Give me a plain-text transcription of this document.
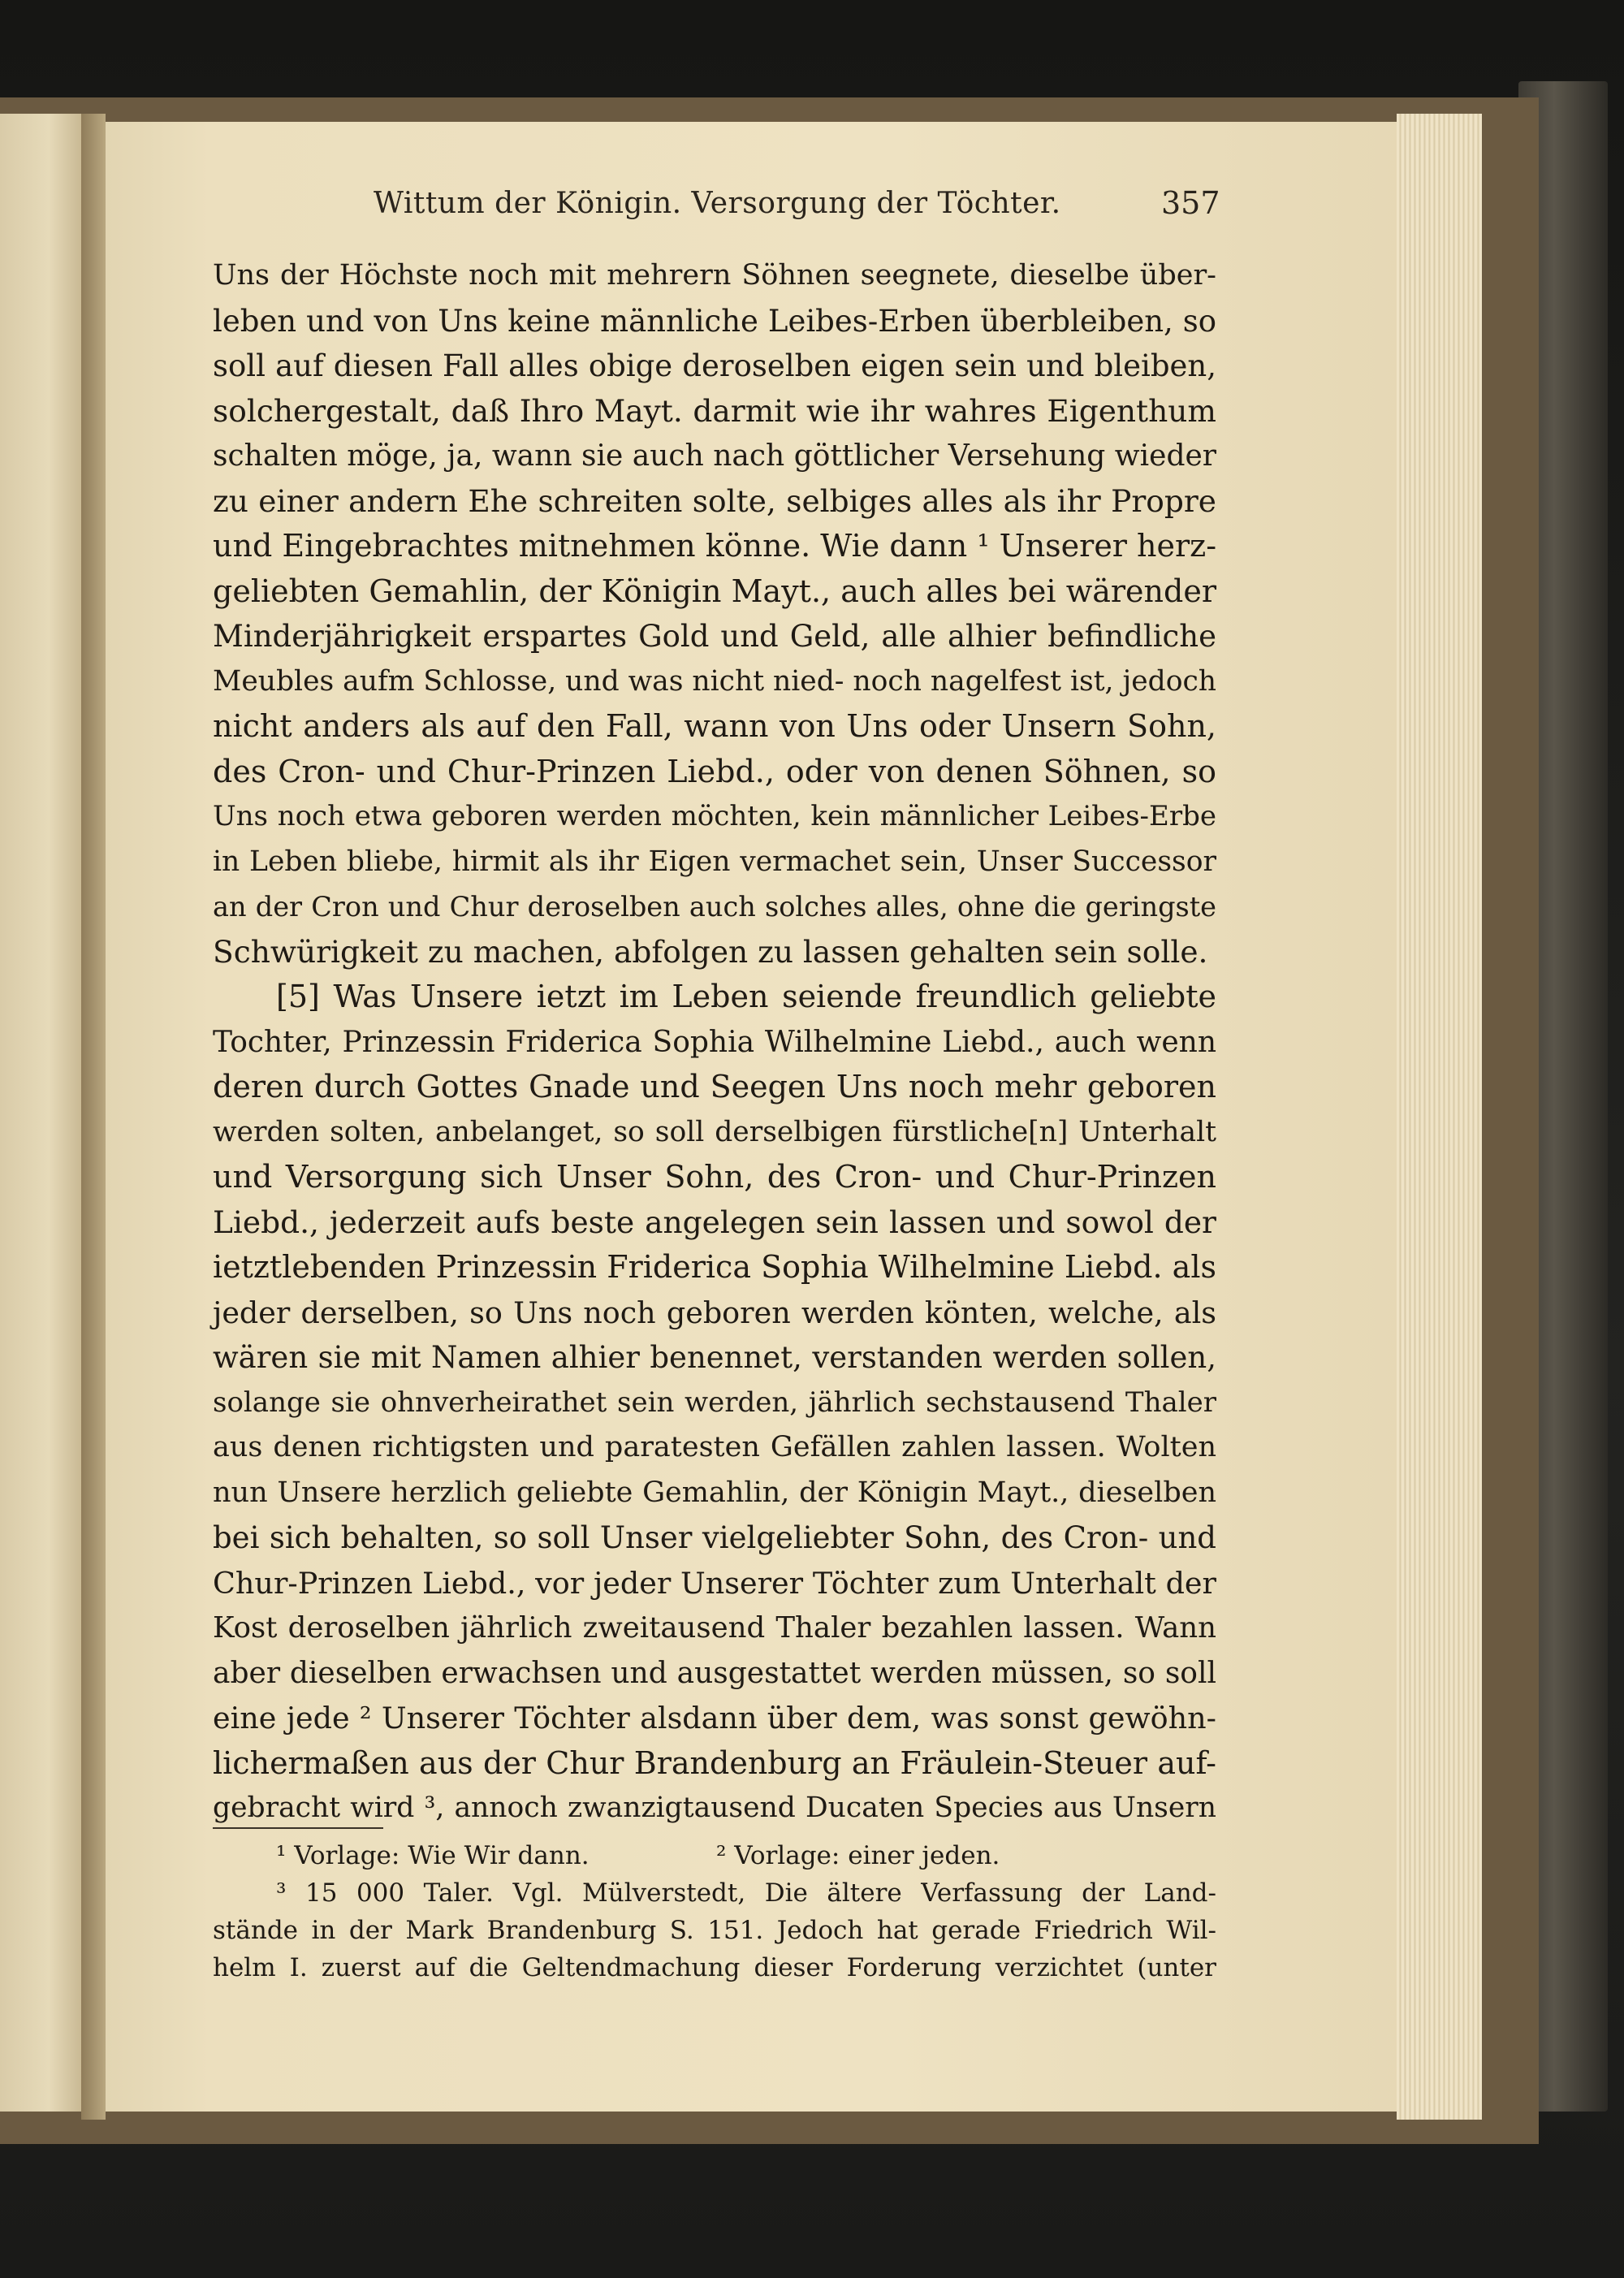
Wittum der Königin. Versorgung der Töchter.	357
Uns der Höchste noch mit mehrern Söhnen seegnete, dieselbe über-
leben und von Uns keine männliche Leibes-Erben überbleiben, so
soll auf diesen Fall alles obige deroselben eigen sein und bleiben,
solchergestalt, daß Ihro Mayt. darmit wie ihr wahres Eigenthum
schalten möge, ja, wann sie auch nach göttlicher Versehung wieder
zu einer andern Ehe schreiten solte, selbiges alles als ihr Propre
und Eingebrachtes mitnehmen könne. Wie dann ¹ Unserer herz-
geliebten Gemahlin, der Königin Mayt., auch alles bei wärender
Minderjährigkeit erspartes Gold und Geld, alle alhier befindliche
Meubles aufm Schlosse, und was nicht nied- noch nagelfest ist, jedoch
nicht anders als auf den Fall, wann von Uns oder Unsern Sohn,
des Cron- und Chur-Prinzen Liebd., oder von denen Söhnen, so
Uns noch etwa geboren werden möchten, kein männlicher Leibes-Erbe
in Leben bliebe, hirmit als ihr Eigen vermachet sein, Unser Successor
an der Cron und Chur deroselben auch solches alles, ohne die geringste
Schwürigkeit zu machen, abfolgen zu lassen gehalten sein solle.
[5] Was Unsere ietzt im Leben seiende freundlich geliebte
Tochter, Prinzessin Friderica Sophia Wilhelmine Liebd., auch wenn
deren durch Gottes Gnade und Seegen Uns noch mehr geboren
werden solten, anbelanget, so soll derselbigen fürstliche[n] Unterhalt
und Versorgung sich Unser Sohn, des Cron- und Chur-Prinzen
Liebd., jederzeit aufs beste angelegen sein lassen und sowol der
ietztlebenden Prinzessin Friderica Sophia Wilhelmine Liebd. als
jeder derselben, so Uns noch geboren werden könten, welche, als
wären sie mit Namen alhier benennet, verstanden werden sollen,
solange sie ohnverheirathet sein werden, jährlich sechstausend Thaler
aus denen richtigsten und paratesten Gefällen zahlen lassen. Wolten
nun Unsere herzlich geliebte Gemahlin, der Königin Mayt., dieselben
bei sich behalten, so soll Unser vielgeliebter Sohn, des Cron- und
Chur-Prinzen Liebd., vor jeder Unserer Töchter zum Unterhalt der
Kost deroselben jährlich zweitausend Thaler bezahlen lassen. Wann
aber dieselben erwachsen und ausgestattet werden müssen, so soll
eine jede ² Unserer Töchter alsdann über dem, was sonst gewöhn-
lichermaßen aus der Chur Brandenburg an Fräulein-Steuer auf-
gebracht wird ³, annoch zwanzigtausend Ducaten Species aus Unsern
¹ Vorlage: Wie Wir dann.	² Vorlage: einer jeden.
³ 15 000 Taler. Vgl. Mülverstedt, Die ältere Verfassung der Land-
stände in der Mark Brandenburg S. 151. Jedoch hat gerade Friedrich Wil-
helm I. zuerst auf die Geltendmachung dieser Forderung verzichtet (unter
